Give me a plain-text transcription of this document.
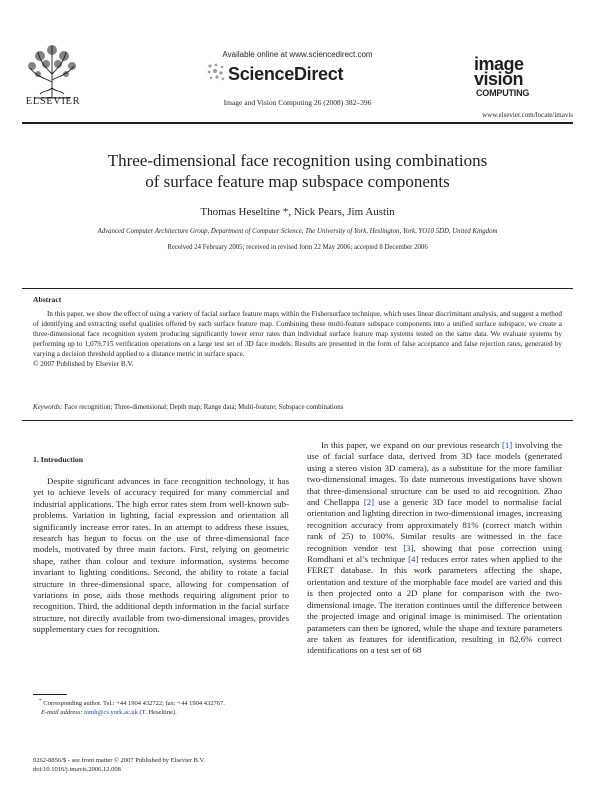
ELSEVIER
Available online at www.sciencedirect.com
ScienceDirect
Image and Vision Computing 26 (2008) 382–396
image
vision
COMPUTING
www.elsevier.com/locate/imavis
Three-dimensional face recognition using combinations
of surface feature map subspace components
Thomas Heseltine *, Nick Pears, Jim Austin
Advanced Computer Architecture Group, Department of Computer Science, The University of York, Heslington, York, YO10 5DD, United Kingdom
Received 24 February 2005; received in revised form 22 May 2006; accepted 8 December 2006
Abstract

In this paper, we show the effect of using a variety of facial surface feature maps within the Fishersurface technique, which uses linear discriminant analysis, and suggest a method of identifying and extracting useful qualities offered by each surface feature map. Combining these multi-feature subspace components into a unified surface subspace, we create a three-dimensional face recognition system producing significantly lower error rates than individual surface feature map systems tested on the same data. We evaluate systems by performing up to 1,079,715 verification operations on a large test set of 3D face models. Results are presented in the form of false acceptance and false rejection rates, generated by varying a decision threshold applied to a distance metric in surface space.

© 2007 Published by Elsevier B.V.

Keywords: Face recognition; Three-dimensional; Depth map; Range data; Multi-feature; Subspace combinations
1. Introduction

Despite significant advances in face recognition technology, it has yet to achieve levels of accuracy required for many commercial and industrial applications. The high error rates stem from well-known sub-problems. Variation in lighting, facial expression and orientation all significantly increase error rates. In an attempt to address these issues, research has begun to focus on the use of three-dimensional face models, motivated by three main factors. First, relying on geometric shape, rather than colour and texture information, systems become invariant to lighting conditions. Second, the ability to rotate a facial structure in three-dimensional space, allowing for compensation of variations in pose, aids those methods requiring alignment prior to recognition. Third, the additional depth information in the facial surface structure, not directly available from two-dimensional images, provides supplementary cues for recognition.

In this paper, we expand on our previous research [1] involving the use of facial surface data, derived from 3D face models (generated using a stereo vision 3D camera), as a substitute for the more familiar two-dimensional images. To date numerous investigations have shown that three-dimensional structure can be used to aid recognition. Zhao and Chellappa [2] use a generic 3D face model to normalise facial orientation and lighting direction in two-dimensional images, increasing recognition accuracy from approximately 81% (correct match within rank of 25) to 100%. Similar results are witnessed in the face recognition vendor test [3], showing that pose correction using Romdhani et al’s technique [4] reduces error rates when applied to the FERET database. In this work parameters affecting the shape, orientation and texture of the morphable face model are varied and this is then projected onto a 2D plane for comparison with the two-dimensional image. The iteration continues until the difference between the projected image and original image is minimised. The orientation parameters can then be ignored, while the shape and texture parameters are taken as features for identification, resulting in 82.6% correct identifications on a test set of 68

* Corresponding author. Tel.: +44 1904 432722; fax: +44 1904 432767.
E-mail address: tomh@cs.york.ac.uk (T. Heseltine).
0262-8856/$ - see front matter © 2007 Published by Elsevier B.V.
doi:10.1016/j.imavis.2006.12.008
